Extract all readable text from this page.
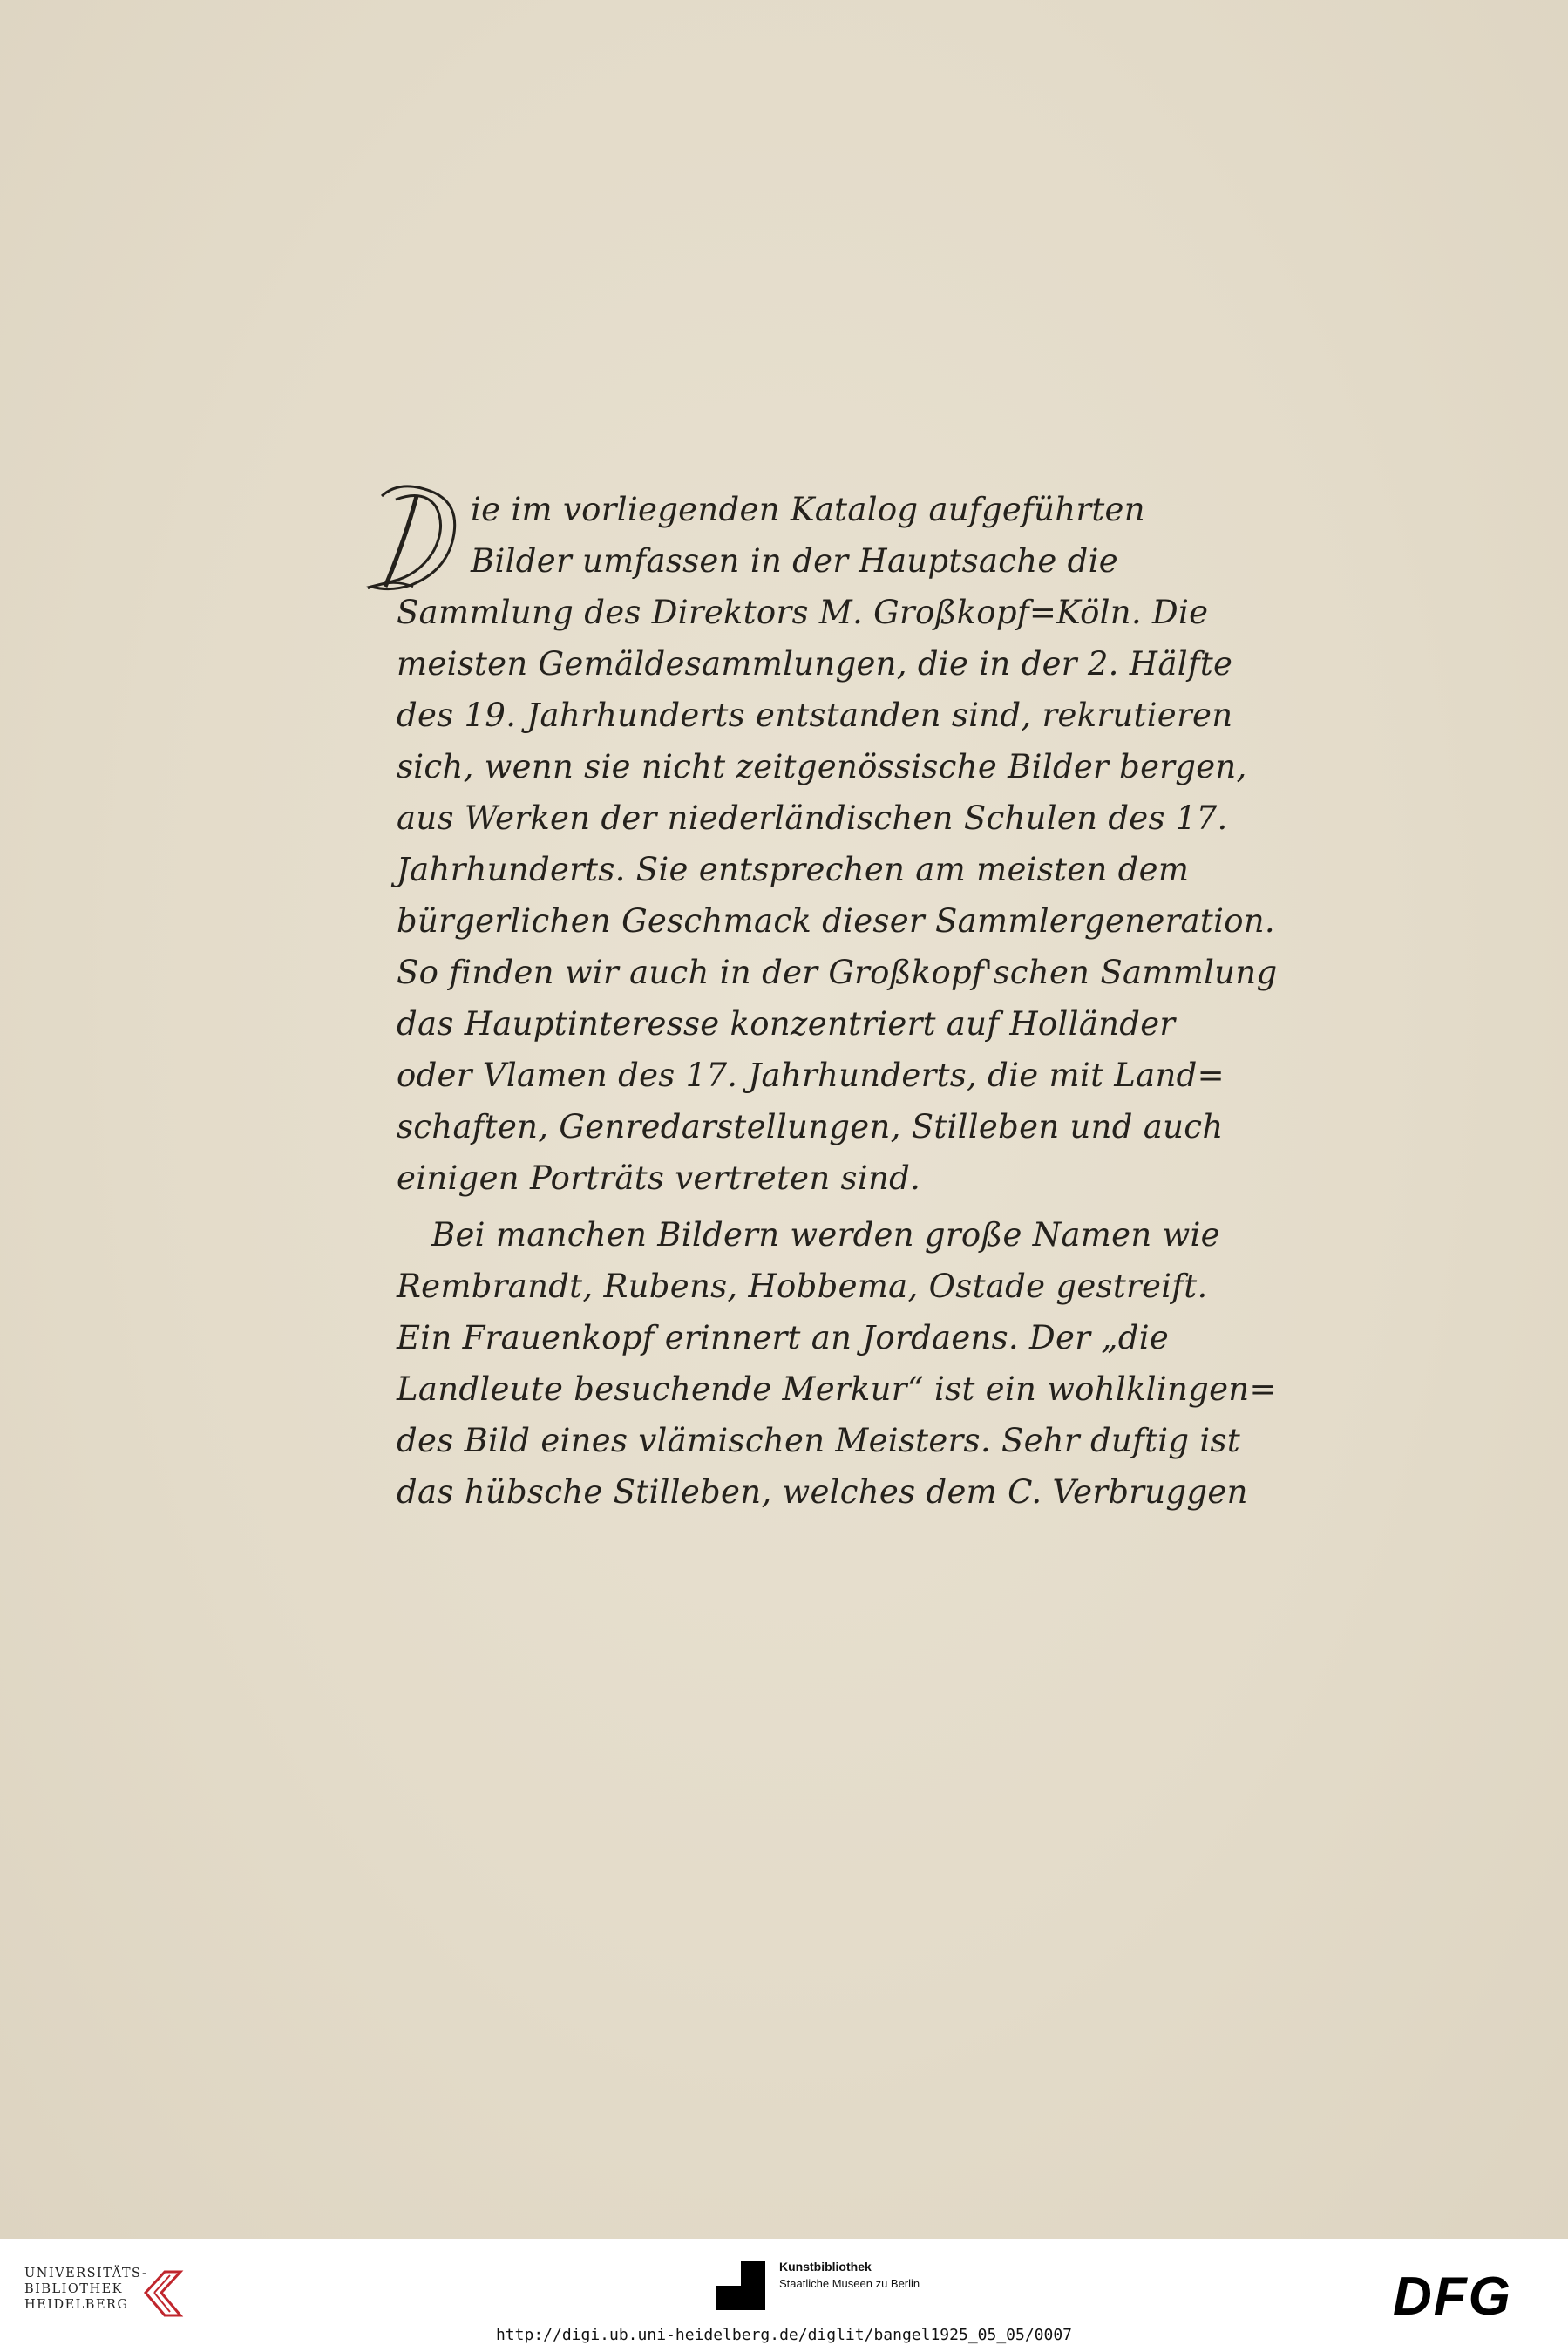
D
ie im vorliegenden Katalog aufgeführten
Bilder umfassen in der Hauptsache die
Sammlung des Direktors M. Großkopf=Köln. Die
meisten Gemäldesammlungen, die in der 2. Hälfte
des 19. Jahrhunderts entstanden sind, rekrutieren
sich, wenn sie nicht zeitgenössische Bilder bergen,
aus Werken der niederländischen Schulen des 17.
Jahrhunderts. Sie entsprechen am meisten dem
bürgerlichen Geschmack dieser Sammlergeneration.
So finden wir auch in der Großkopf'schen Sammlung
das Hauptinteresse konzentriert auf Holländer
oder Vlamen des 17. Jahrhunderts, die mit Land=
schaften, Genredarstellungen, Stilleben und auch
einigen Porträts vertreten sind.
Bei manchen Bildern werden große Namen wie
Rembrandt, Rubens, Hobbema, Ostade gestreift.
Ein Frauenkopf erinnert an Jordaens. Der „die
Landleute besuchende Merkur“ ist ein wohlklingen=
des Bild eines vlämischen Meisters. Sehr duftig ist
das hübsche Stilleben, welches dem C. Verbruggen
UNIVERSITÄTS-
BIBLIOTHEK
HEIDELBERG
Kunstbibliothek
Staatliche Museen zu Berlin	DFG
http://digi.ub.uni-heidelberg.de/diglit/bangel1925_05_05/0007
